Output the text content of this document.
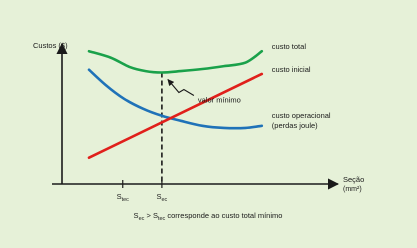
Custos ($)
Seção
(mm²)
$S_{tec}$	$S_{ec}$
custo total
custo inicial
custo operacional
(perdas joule)
valor mínimo
$S_{ec} > S_{tec}$ corresponde ao custo total mínimo
